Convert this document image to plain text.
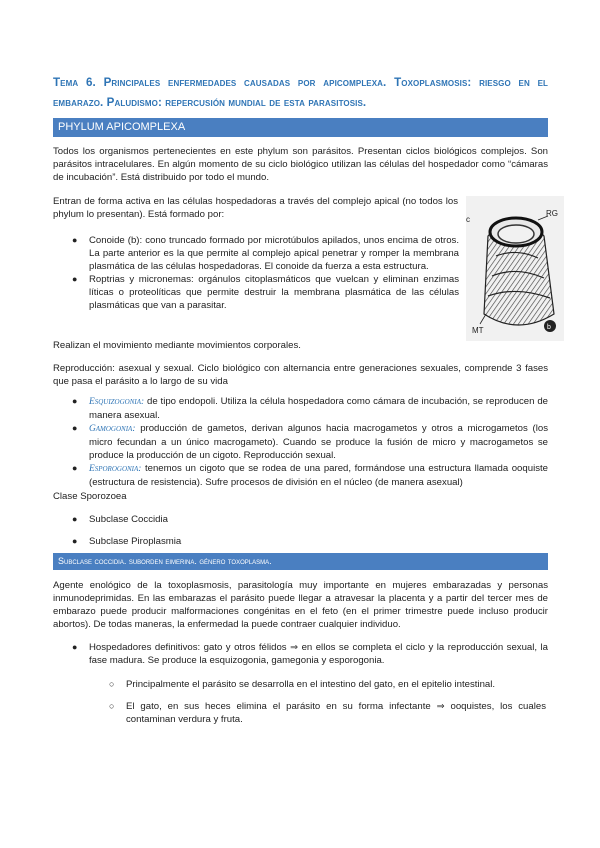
Tema 6. Principales enfermedades causadas por apicomplexa. Toxoplasmosis: riesgo en el embarazo. Paludismo: repercusión mundial de esta parasitosis.
PHYLUM APICOMPLEXA
Todos los organismos pertenecientes en este phylum son parásitos. Presentan ciclos biológicos complejos. Son parásitos intracelulares. En algún momento de su ciclo biológico utilizan las células del hospedador como “cámaras de incubación”. Está distribuido por todo el mundo.
Entran de forma activa en las células hospedadoras a través del complejo apical (no todos los phylum lo presentan). Está formado por:
● Conoide (b): cono truncado formado por microtúbulos apilados, unos encima de otros. La parte anterior es la que permite al complejo apical penetrar y romper la membrana plasmática de las células hospedadoras. El conoide da fuerza a esta estructura.
● Roptrias y micronemas: orgánulos citoplasmáticos que vuelcan y eliminan enzimas líticas o proteolíticas que permite destruir la membrana plasmática de las células plasmáticas que van a parasitar.
c
RG
MT	b
Realizan el movimiento mediante movimientos corporales.
Reproducción: asexual y sexual. Ciclo biológico con alternancia entre generaciones sexuales, comprende 3 fases que pasa el parásito a lo largo de su vida
● Esquizogonia: de tipo endopoli. Utiliza la célula hospedadora como cámara de incubación, se reproducen de manera asexual.
● Gamogonia: producción de gametos, derivan algunos hacia macrogametos y otros a microgametos (los micro fecundan a un único macrogameto). Cuando se produce la fusión de micro y macrogametos se produce la producción de un cigoto. Reproducción sexual.
● Esporogonia: tenemos un cigoto que se rodea de una pared, formándose una estructura llamada ooquiste (estructura de resistencia). Sufre procesos de división en el núcleo (de manera asexual)
Clase Sporozoea
● Subclase Coccidia
● Subclase Piroplasmia
Subclase coccidia. suborden eimerina. género toxoplasma.
Agente enológico de la toxoplasmosis, parasitología muy importante en mujeres embarazadas y personas inmunodeprimidas. En las embarazas el parásito puede llegar a atravesar la placenta y a partir del tercer mes de embarazo puede producir malformaciones congénitas en el feto (en el primer trimestre puede incluso producir abortos). De todas maneras, la enfermedad la puede contraer cualquier individuo.
● Hospedadores definitivos: gato y otros félidos ⇒ en ellos se completa el ciclo y la reproducción sexual, la fase madura. Se produce la esquizogonia, gamegonia y esporogonia.
○ Principalmente el parásito se desarrolla en el intestino del gato, en el epitelio intestinal.
○ El gato, en sus heces elimina el parásito en su forma infectante ⇒ ooquistes, los cuales contaminan verdura y fruta.
